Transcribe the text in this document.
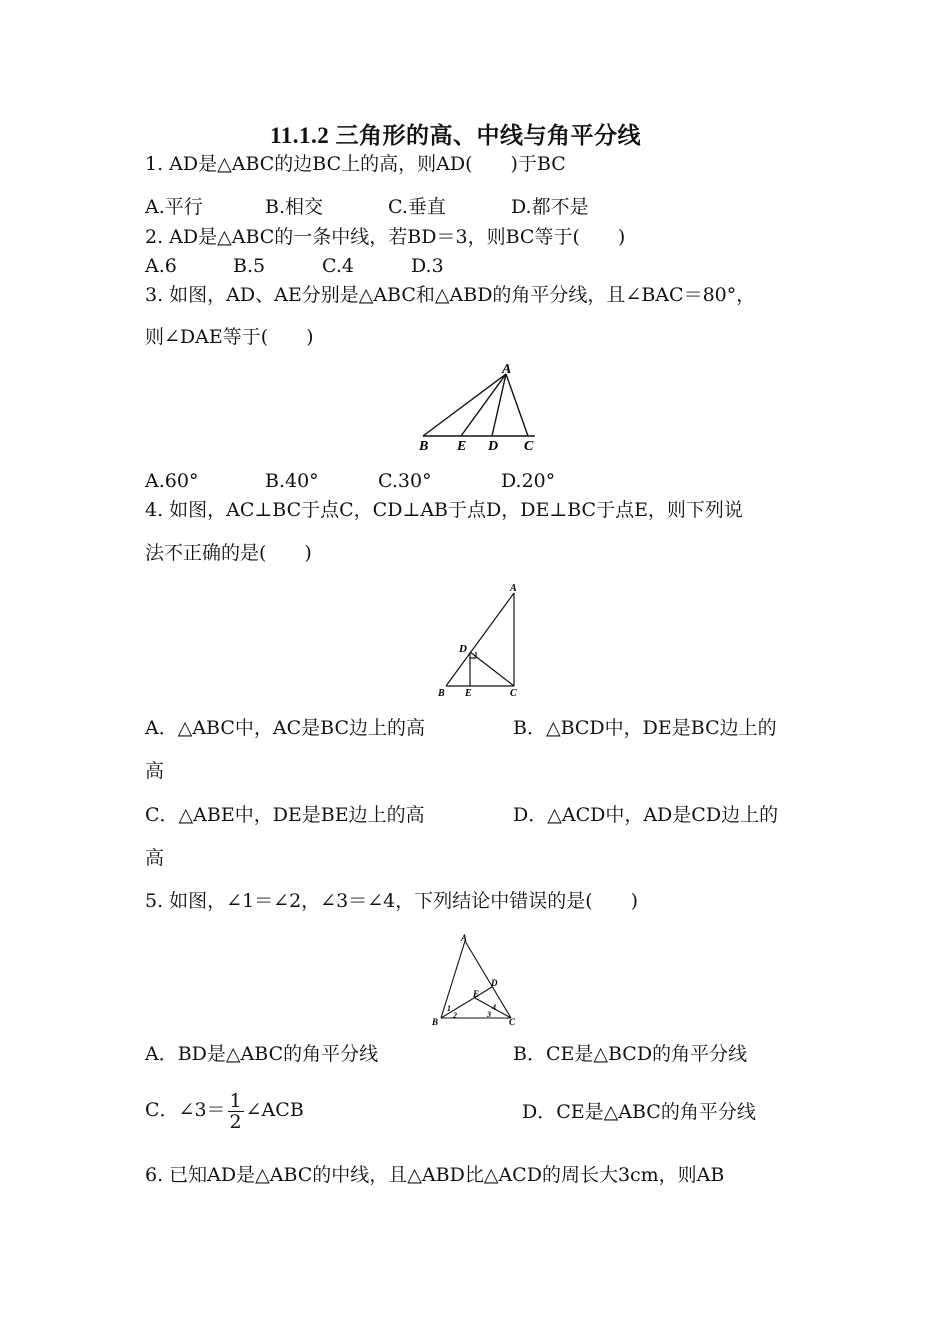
11.1.2 三角形的高、中线与角平分线
1. AD是△ABC的边BC上的高，则AD(　　)于BC
A.平行	B.相交	C.垂直	D.都不是
2. AD是△ABC的一条中线，若BD＝3，则BC等于(　　)
A.6	B.5	C.4	D.3
3. 如图，AD、AE分别是△ABC和△ABD的角平分线，且∠BAC＝80°，
则∠DAE等于(　　)
A
B E D C
A.60°	B.40°	C.30°	D.20°
4. 如图，AC⊥BC于点C，CD⊥AB于点D，DE⊥BC于点E，则下列说
法不正确的是(　　)
A
D
B E	C
A．△ABC中，AC是BC边上的高	B．△BCD中，DE是BC边上的
高
C．△ABE中，DE是BE边上的高	D．△ACD中，AD是CD边上的
高
5. 如图，∠1＝∠2，∠3＝∠4，下列结论中错误的是(　　)
A
D
E
B	C
1
2	3
4
A．BD是△ABC的角平分线	B．CE是△BCD的角平分线
C．∠3＝ $\frac{1}{2}$ ∠ACB	D．CE是△ABC的角平分线
6. 已知AD是△ABC的中线，且△ABD比△ACD的周长大3cm，则AB
